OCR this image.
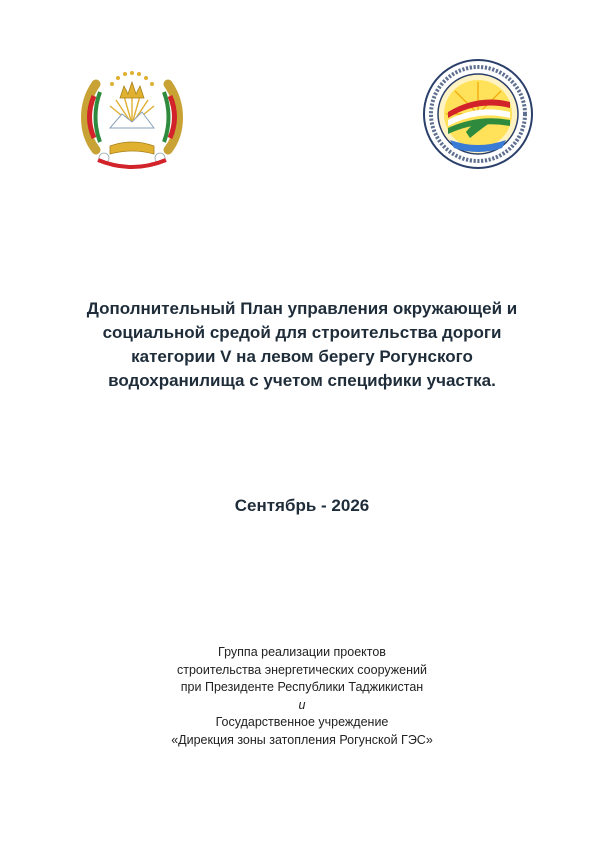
Дополнительный План управления окружающей и
социальной средой для строительства дороги
категории V на левом берегу Рогунского
водохранилища с учетом специфики участка.
Сентябрь - 2026
Группа реализации проектов
строительства энергетических сооружений
при Президенте Республики Таджикистан
и
Государственное учреждение
«Дирекция зоны затопления Рогунской ГЭС»
